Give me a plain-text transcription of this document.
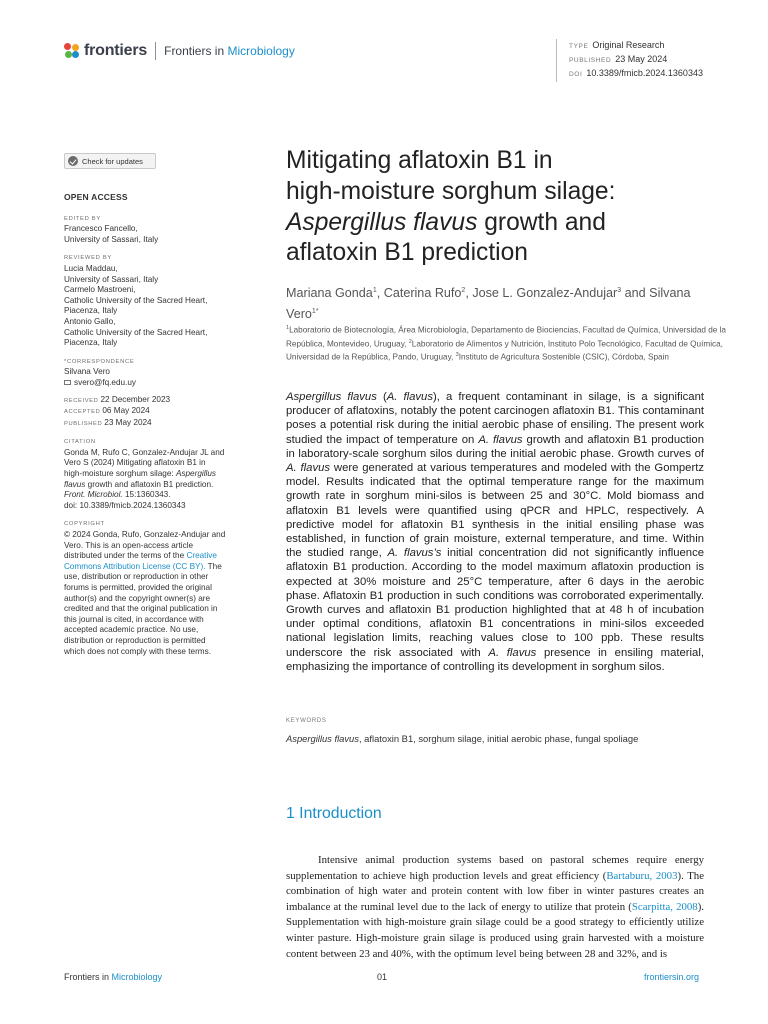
frontiers Frontiers in Microbiology	TYPE Original Research
PUBLISHED 23 May 2024
DOI 10.3389/fmicb.2024.1360343
Check for updates
OPEN ACCESS
EDITED BY
Francesco Fancello,
University of Sassari, Italy
REVIEWED BY
Lucia Maddau,
University of Sassari, Italy
Carmelo Mastroeni,
Catholic University of the Sacred Heart,
Piacenza, Italy
Antonio Gallo,
Catholic University of the Sacred Heart,
Piacenza, Italy
*CORRESPONDENCE
Silvana Vero
svero@fq.edu.uy
RECEIVED 22 December 2023
ACCEPTED 06 May 2024
PUBLISHED 23 May 2024
CITATION
Gonda M, Rufo C, Gonzalez-Andujar JL and
Vero S (2024) Mitigating aflatoxin B1 in
high-moisture sorghum silage: Aspergillus
flavus growth and aflatoxin B1 prediction.
Front. Microbiol. 15:1360343.
doi: 10.3389/fmicb.2024.1360343
COPYRIGHT
© 2024 Gonda, Rufo, Gonzalez-Andujar and
Vero. This is an open-access article
distributed under the terms of the Creative
Commons Attribution License (CC BY). The
use, distribution or reproduction in other
forums is permitted, provided the original
author(s) and the copyright owner(s) are
credited and that the original publication in
this journal is cited, in accordance with
accepted academic practice. No use,
distribution or reproduction is permitted
which does not comply with these terms.
Mitigating aflatoxin B1 in
high-moisture sorghum silage:
Aspergillus flavus growth and
aflatoxin B1 prediction
Mariana Gonda$^1$, Caterina Rufo$^2$, Jose L. Gonzalez-Andujar$^3$ and Silvana Vero$^{1*}$
$^1$Laboratorio de Biotecnología, Área Microbiología, Departamento de Biociencias, Facultad de Química, Universidad de la República, Montevideo, Uruguay, $^2$Laboratorio de Alimentos y Nutrición, Instituto Polo Tecnológico, Facultad de Química, Universidad de la República, Pando, Uruguay, $^3$Instituto de Agricultura Sostenible (CSIC), Córdoba, Spain
Aspergillus flavus (A. flavus), a frequent contaminant in silage, is a significant producer of aflatoxins, notably the potent carcinogen aflatoxin B1. This contaminant poses a potential risk during the initial aerobic phase of ensiling. The present work studied the impact of temperature on A. flavus growth and aflatoxin B1 production in laboratory-scale sorghum silos during the initial aerobic phase. Growth curves of A. flavus were generated at various temperatures and modeled with the Gompertz model. Results indicated that the optimal temperature range for the maximum growth rate in sorghum mini-silos is between 25 and 30°C. Mold biomass and aflatoxin B1 levels were quantified using qPCR and HPLC, respectively. A predictive model for aflatoxin B1 synthesis in the initial ensiling phase was established, in function of grain moisture, external temperature, and time. Within the studied range, A. flavus’s initial concentration did not significantly influence aflatoxin B1 production. According to the model maximum aflatoxin production is expected at 30% moisture and 25°C temperature, after 6 days in the aerobic phase. Aflatoxin B1 production in such conditions was corroborated experimentally. Growth curves and aflatoxin B1 production highlighted that at 48 h of incubation under optimal conditions, aflatoxin B1 concentrations in mini-silos exceeded national legislation limits, reaching values close to 100 ppb. These results underscore the risk associated with A. flavus presence in ensiling material, emphasizing the importance of controlling its development in sorghum silos.
KEYWORDS
Aspergillus flavus, aflatoxin B1, sorghum silage, initial aerobic phase, fungal spoliage
1 Introduction
Intensive animal production systems based on pastoral schemes require energy supplementation to achieve high production levels and great efficiency (Bartaburu, 2003). The combination of high water and protein content with low fiber in winter pastures creates an imbalance at the ruminal level due to the lack of energy to utilize that protein (Scarpitta, 2008). Supplementation with high-moisture grain silage could be a good strategy to efficiently utilize winter pasture. High-moisture grain silage is produced using grain harvested with a moisture content between 23 and 40%, with the optimum level being between 28 and 32%, and is
Frontiers in Microbiology	01	frontiersin.org
